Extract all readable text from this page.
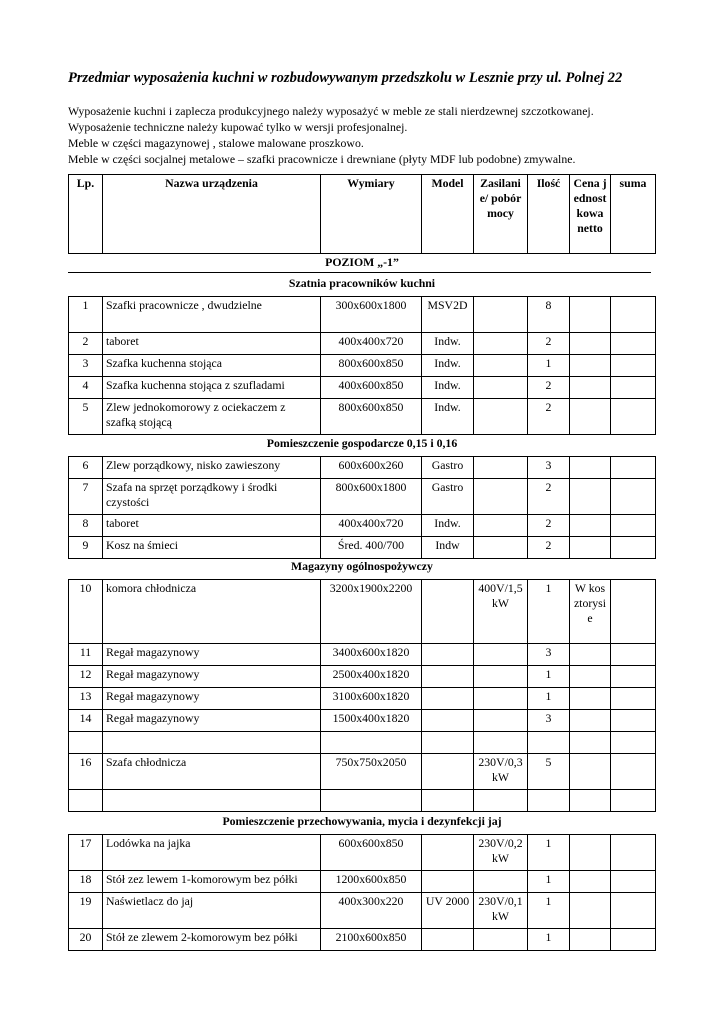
Przedmiar wyposażenia kuchni w rozbudowywanym przedszkolu w Lesznie przy ul. Polnej 22
Wyposażenie kuchni i zaplecza produkcyjnego należy wyposażyć w meble ze stali nierdzewnej szczotkowanej.
Wyposażenie techniczne należy kupować tylko w wersji profesjonalnej.
Meble w części magazynowej , stalowe malowane proszkowo.
Meble w części socjalnej metalowe – szafki pracownicze i drewniane (płyty MDF lub podobne) zmywalne.
Lp.	Nazwa urządzenia	Wymiary	Model	Zasilanie/ pobór mocy	Ilość	Cena jednostkowa netto	suma
POZIOM „-1”
Szatnia pracowników kuchni
1	Szafki pracownicze , dwudzielne	300x600x1800	MSV2D		8		
2	taboret	400x400x720	Indw.		2		
3	Szafka kuchenna stojąca	800x600x850	Indw.		1		
4	Szafka kuchenna stojąca z szufladami	400x600x850	Indw.		2		
5	Zlew jednokomorowy z ociekaczem z szafką stojącą	800x600x850	Indw.		2		
Pomieszczenie gospodarcze 0,15 i 0,16
6	Zlew porządkowy, nisko zawieszony	600x600x260	Gastro		3		
7	Szafa na sprzęt porządkowy i środki czystości	800x600x1800	Gastro		2		
8	taboret	400x400x720	Indw.		2		
9	Kosz na śmieci	Śred. 400/700	Indw		2		
Magazyny ogólnospożywczy
10	komora chłodnicza	3200x1900x2200		400V/1,5kW	1	W kosztorysie	
11	Regał magazynowy	3400x600x1820			3		
12	Regał magazynowy	2500x400x1820			1		
13	Regał magazynowy	3100x600x1820			1		
14	Regał magazynowy	1500x400x1820			3		

16	Szafa chłodnicza	750x750x2050		230V/0,3kW	5		

Pomieszczenie przechowywania, mycia i dezynfekcji jaj
17	Lodówka na jajka	600x600x850		230V/0,2kW	1		
18	Stół zez lewem 1-komorowym bez półki	1200x600x850			1		
19	Naświetlacz do jaj	400x300x220	UV 2000	230V/0,1kW	1		
20	Stół ze zlewem 2-komorowym bez półki	2100x600x850			1		
